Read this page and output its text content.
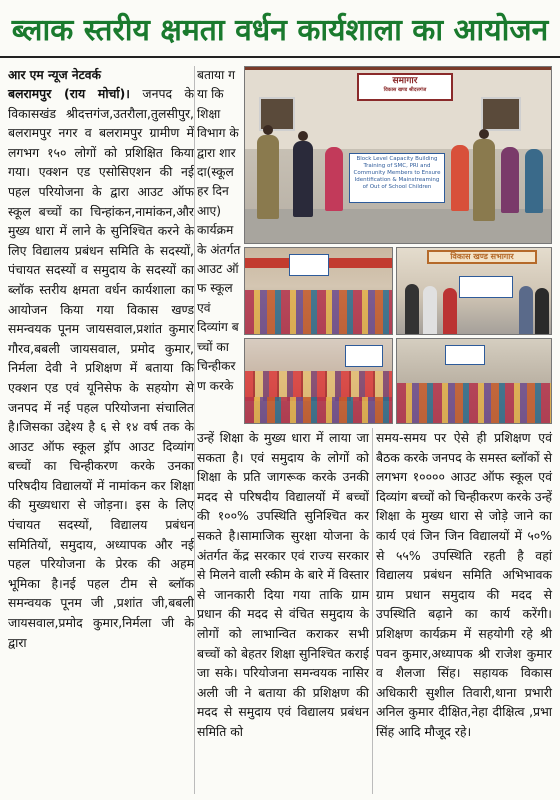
ब्लाक स्तरीय क्षमता वर्धन कार्यशाला का आयोजन

आर एम न्यूज नेटवर्क

बलरामपुर (राय मोर्चा)। जनपद के विकासखंड श्रीदत्तगंज,उतरौला,तुलसीपुर, बलरामपुर नगर व बलरामपुर ग्रामीण में लगभग १५० लोगों को प्रशिक्षित किया गया। एक्शन एड एसोसिएशन की नई पहल परियोजना के द्वारा आउट ऑफ स्कूल बच्चों का चिन्हांकन,नामांकन,और मुख्य धारा में लाने के सुनिश्चित करने के लिए विद्यालय प्रबंधन समिति के सदस्यों, पंचायत सदस्यों व समुदाय के सदस्यों का ब्लॉक स्तरीय क्षमता वर्धन कार्यशाला का आयोजन किया गया विकास खण्ड समन्वयक पूनम जायसवाल,प्रशांत कुमार गौरव,बबली जायसवाल, प्रमोद कुमार, निर्मला देवी ने प्रशिक्षण में बताया कि एक्शन एड एवं यूनिसेफ के सहयोग से जनपद में नई पहल परियोजना संचालित है।जिसका उद्देश्य है ६ से १४ वर्ष तक के आउट ऑफ स्कूल ड्रॉप आउट दिव्यांग बच्चों का चिन्हीकरण करके उनका परिषदीय विद्यालयों में नामांकन कर शिक्षा की मुख्यधारा से जोड़ना। इस के लिए पंचायत सदस्यों, विद्यालय प्रबंधन समितियों, समुदाय, अध्यापक और नई पहल परियोजना के प्रेरक की अहम भूमिका है।नई पहल टीम से ब्लॉक समन्वयक पूनम जी ,प्रशांत जी,बबली जायसवाल,प्रमोद कुमार,निर्मला जी के द्वारा

बताया गया कि शिक्षा विभाग के द्वारा शारदा(स्कूल हर दिन आए) कार्यक्रम के अंतर्गत आउट ऑफ स्कूल एवं दिव्यांग बच्चों का चिन्हीकरण करके

समागार
विकास खण्ड श्रीदत्तगंज
Block Level Capacity Building Training of SMC, PRI and Community Members to Ensure Identification & Mainstreaming of Out of School Children
विकास खण्ड सभागार

उन्हें शिक्षा के मुख्य धारा में लाया जा सकता है। एवं समुदाय के लोगों को शिक्षा के प्रति जागरूक करके उनकी मदद से परिषदीय विद्यालयों में बच्चों की १००% उपस्थिति सुनिश्चित कर सकते है।सामाजिक सुरक्षा योजना के अंतर्गत केंद्र सरकार एवं राज्य सरकार से मिलने वाली स्कीम के बारे में विस्तार से जानकारी दिया गया ताकि ग्राम प्रधान की मदद से वंचित समुदाय के लोगों को लाभान्वित कराकर सभी बच्चों को बेहतर शिक्षा सुनिश्चित कराई जा सके। परियोजना समन्वयक नासिर अली जी ने बताया की प्रशिक्षण की मदद से समुदाय एवं विद्यालय प्रबंधन समिति को

समय-समय पर ऐसे ही प्रशिक्षण एवं बैठक करके जनपद के समस्त ब्लॉकों से लगभग १०००० आउट ऑफ स्कूल एवं दिव्यांग बच्चों को चिन्हीकरण करके उन्हें शिक्षा के मुख्य धारा से जोड़े जाने का कार्य एवं जिन जिन विद्यालयों में ५०% से ५५% उपस्थिति रहती है वहां विद्यालय प्रबंधन समिति अभिभावक ग्राम प्रधान समुदाय की मदद से उपस्थिति बढ़ाने का कार्य करेंगी। प्रशिक्षण कार्यक्रम में सहयोगी रहे श्री पवन कुमार,अध्यापक श्री राजेश कुमार व शैलजा सिंह। सहायक विकास अधिकारी सुशील तिवारी,थाना प्रभारी अनिल कुमार दीक्षित,नेहा दीक्षित्व ,प्रभा सिंह आदि मौजूद रहे।
